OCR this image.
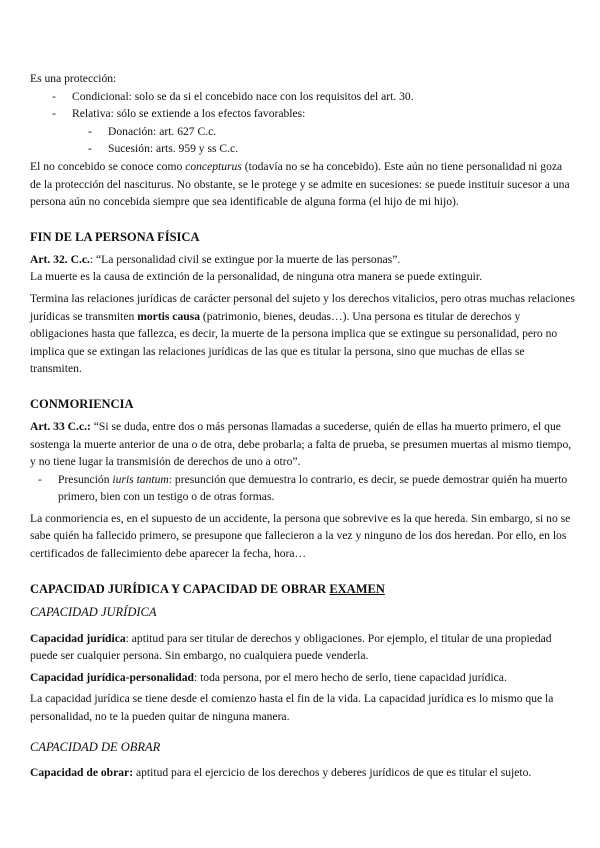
Es una protección:

- Condicional: solo se da si el concebido nace con los requisitos del art. 30.
- Relativa: sólo se extiende a los efectos favorables:
- Donación: art. 627 C.c.
- Sucesión: arts. 959 y ss C.c.

El no concebido se conoce como concepturus (todavía no se ha concebido). Este aún no tiene personalidad ni goza de la protección del nasciturus. No obstante, se le protege y se admite en sucesiones: se puede instituir sucesor a una persona aún no concebida siempre que sea identificable de alguna forma (el hijo de mi hijo).

FIN DE LA PERSONA FÍSICA

Art. 32. C.c.: “La personalidad civil se extingue por la muerte de las personas”.

La muerte es la causa de extinción de la personalidad, de ninguna otra manera se puede extinguir.

Termina las relaciones jurídicas de carácter personal del sujeto y los derechos vitalicios, pero otras muchas relaciones jurídicas se transmiten mortis causa (patrimonio, bienes, deudas…). Una persona es titular de derechos y obligaciones hasta que fallezca, es decir, la muerte de la persona implica que se extingue su personalidad, pero no implica que se extingan las relaciones jurídicas de las que es titular la persona, sino que muchas de ellas se transmiten.

CONMORIENCIA

Art. 33 C.c.: “Si se duda, entre dos o más personas llamadas a sucederse, quién de ellas ha muerto primero, el que sostenga la muerte anterior de una o de otra, debe probarla; a falta de prueba, se presumen muertas al mismo tiempo, y no tiene lugar la transmisión de derechos de uno a otro”.

- Presunción iuris tantum: presunción que demuestra lo contrario, es decir, se puede demostrar quién ha muerto primero, bien con un testigo o de otras formas.

La conmoriencia es, en el supuesto de un accidente, la persona que sobrevive es la que hereda. Sin embargo, si no se sabe quién ha fallecido primero, se presupone que fallecieron a la vez y ninguno de los dos heredan. Por ello, en los certificados de fallecimiento debe aparecer la fecha, hora…

CAPACIDAD JURÍDICA Y CAPACIDAD DE OBRAR EXAMEN
CAPACIDAD JURÍDICA

Capacidad jurídica: aptitud para ser titular de derechos y obligaciones. Por ejemplo, el titular de una propiedad puede ser cualquier persona. Sin embargo, no cualquiera puede venderla.

Capacidad jurídica-personalidad: toda persona, por el mero hecho de serlo, tiene capacidad jurídica.

La capacidad jurídica se tiene desde el comienzo hasta el fin de la vida. La capacidad jurídica es lo mismo que la personalidad, no te la pueden quitar de ninguna manera.

CAPACIDAD DE OBRAR

Capacidad de obrar: aptitud para el ejercicio de los derechos y deberes jurídicos de que es titular el sujeto.
